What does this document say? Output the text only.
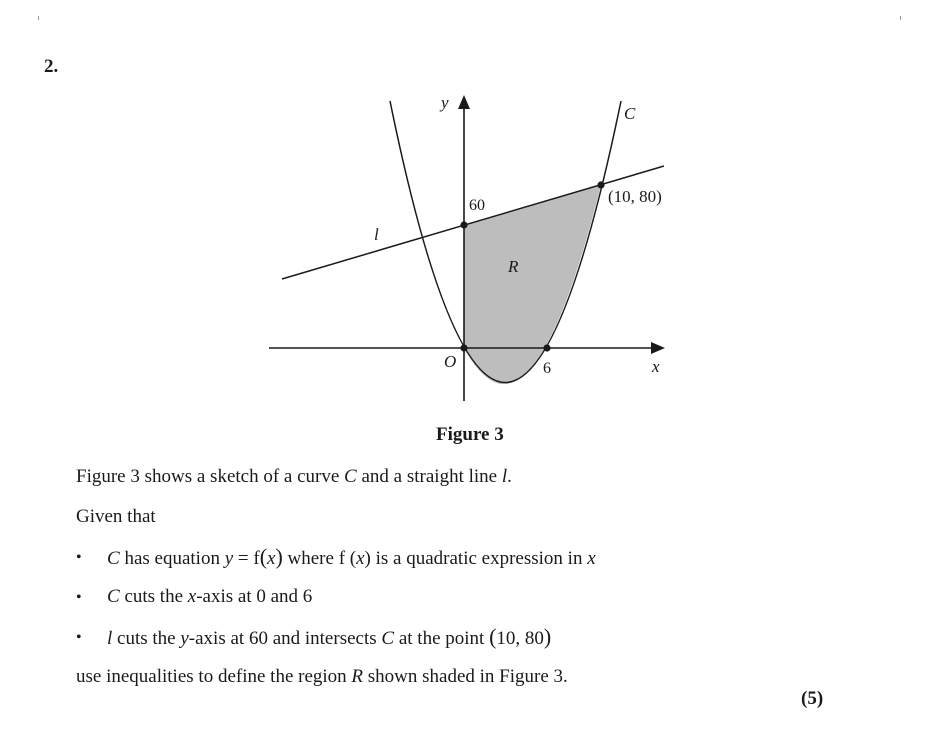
2.
y
x
O
C
l
R
60
6
(10, 80)
Figure 3
Figure 3 shows a sketch of a curve C and a straight line l.
Given that
• C has equation y = f(x) where f (x) is a quadratic expression in x
• C cuts the x-axis at 0 and 6
• l cuts the y-axis at 60 and intersects C at the point (10, 80)
use inequalities to define the region R shown shaded in Figure 3.
(5)
